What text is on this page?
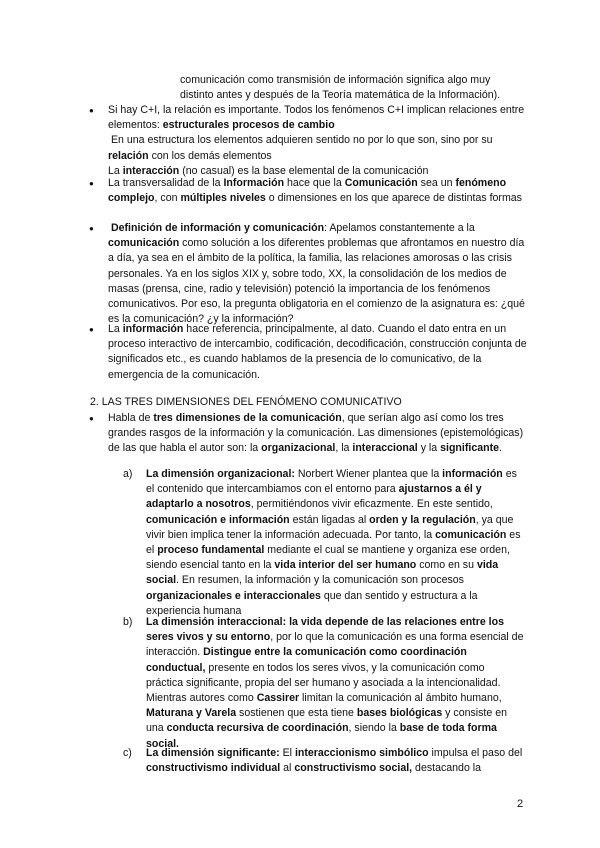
comunicación como transmisión de información significa algo muy distinto antes y después de la Teoría matemática de la Información).
● Si hay C+I, la relación es importante. Todos los fenómenos C+I implican relaciones entre elementos: estructurales procesos de cambio
En una estructura los elementos adquieren sentido no por lo que son, sino por su relación con los demás elementos
La interacción (no casual) es la base elemental de la comunicación
● La transversalidad de la Información hace que la Comunicación sea un fenómeno complejo, con múltiples niveles o dimensiones en los que aparece de distintas formas
● Definición de información y comunicación: Apelamos constantemente a la comunicación como solución a los diferentes problemas que afrontamos en nuestro día a día, ya sea en el ámbito de la política, la familia, las relaciones amorosas o las crisis personales. Ya en los siglos XIX y, sobre todo, XX, la consolidación de los medios de masas (prensa, cine, radio y televisión) potenció la importancia de los fenómenos comunicativos. Por eso, la pregunta obligatoria en el comienzo de la asignatura es: ¿qué es la comunicación? ¿y la información?
● La información hace referencia, principalmente, al dato. Cuando el dato entra en un proceso interactivo de intercambio, codificación, decodificación, construcción conjunta de significados etc., es cuando hablamos de la presencia de lo comunicativo, de la emergencia de la comunicación.
2. LAS TRES DIMENSIONES DEL FENÓMENO COMUNICATIVO
● Habla de tres dimensiones de la comunicación, que serían algo así como los tres grandes rasgos de la información y la comunicación. Las dimensiones (epistemológicas) de las que habla el autor son: la organizacional, la interaccional y la significante.
a) La dimensión organizacional: Norbert Wiener plantea que la información es el contenido que intercambiamos con el entorno para ajustarnos a él y adaptarlo a nosotros, permitiéndonos vivir eficazmente. En este sentido, comunicación e información están ligadas al orden y la regulación, ya que vivir bien implica tener la información adecuada. Por tanto, la comunicación es el proceso fundamental mediante el cual se mantiene y organiza ese orden, siendo esencial tanto en la vida interior del ser humano como en su vida social. En resumen, la información y la comunicación son procesos organizacionales e interaccionales que dan sentido y estructura a la experiencia humana
b) La dimensión interaccional: la vida depende de las relaciones entre los seres vivos y su entorno, por lo que la comunicación es una forma esencial de interacción. Distingue entre la comunicación como coordinación conductual, presente en todos los seres vivos, y la comunicación como práctica significante, propia del ser humano y asociada a la intencionalidad. Mientras autores como Cassirer limitan la comunicación al ámbito humano, Maturana y Varela sostienen que esta tiene bases biológicas y consiste en una conducta recursiva de coordinación, siendo la base de toda forma social.
c) La dimensión significante: El interaccionismo simbólico impulsa el paso del constructivismo individual al constructivismo social, destacando la
2
